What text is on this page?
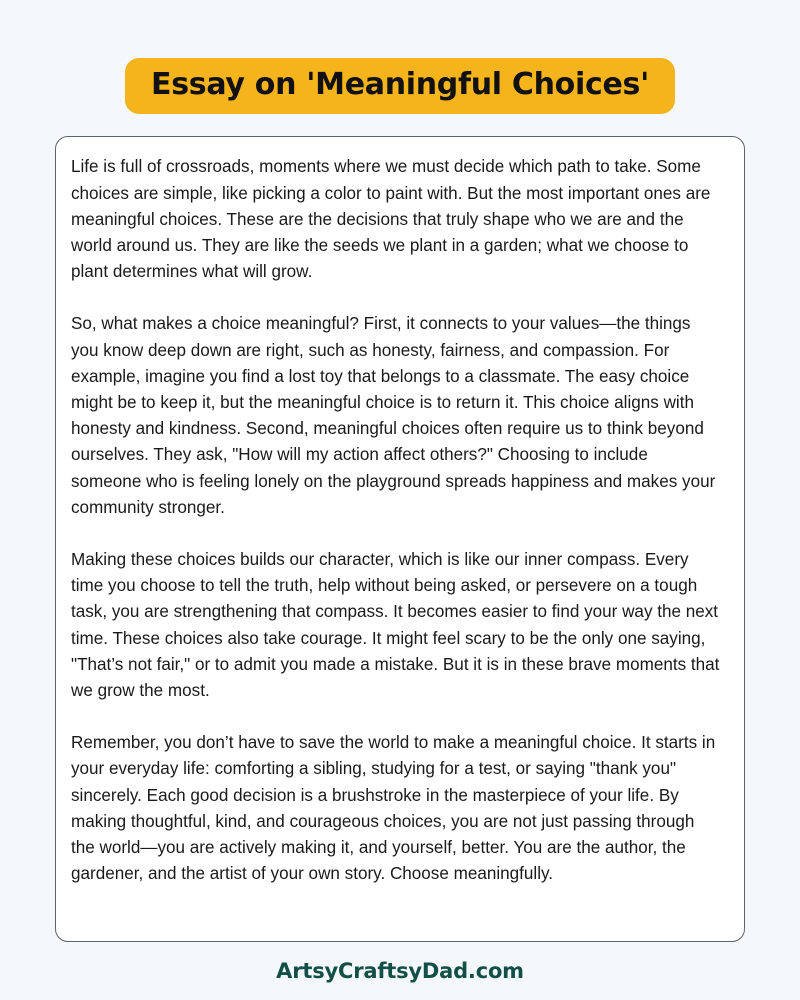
Essay on 'Meaningful Choices'

Life is full of crossroads, moments where we must decide which path to take. Some choices are simple, like picking a color to paint with. But the most important ones are meaningful choices. These are the decisions that truly shape who we are and the world around us. They are like the seeds we plant in a garden; what we choose to plant determines what will grow.

So, what makes a choice meaningful? First, it connects to your values—the things you know deep down are right, such as honesty, fairness, and compassion. For example, imagine you find a lost toy that belongs to a classmate. The easy choice might be to keep it, but the meaningful choice is to return it. This choice aligns with honesty and kindness. Second, meaningful choices often require us to think beyond ourselves. They ask, "How will my action affect others?" Choosing to include someone who is feeling lonely on the playground spreads happiness and makes your community stronger.

Making these choices builds our character, which is like our inner compass. Every time you choose to tell the truth, help without being asked, or persevere on a tough task, you are strengthening that compass. It becomes easier to find your way the next time. These choices also take courage. It might feel scary to be the only one saying, "That’s not fair," or to admit you made a mistake. But it is in these brave moments that we grow the most.

Remember, you don’t have to save the world to make a meaningful choice. It starts in your everyday life: comforting a sibling, studying for a test, or saying "thank you" sincerely. Each good decision is a brushstroke in the masterpiece of your life. By making thoughtful, kind, and courageous choices, you are not just passing through the world—you are actively making it, and yourself, better. You are the author, the gardener, and the artist of your own story. Choose meaningfully.

ArtsyCraftsyDad.com
